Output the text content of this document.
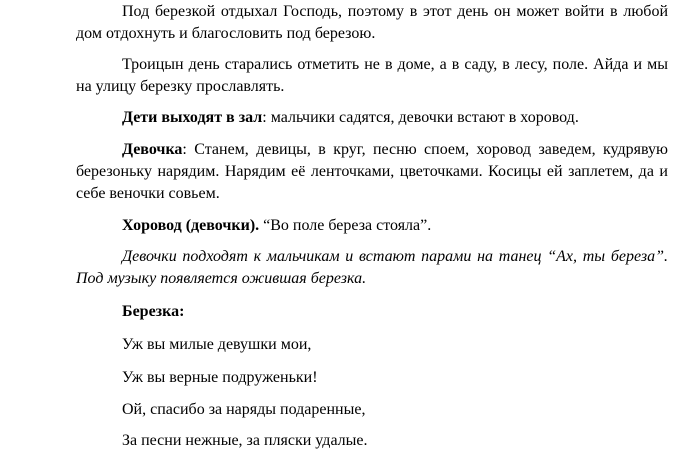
Под березкой отдыхал Господь, поэтому в этот день он может войти в любой дом отдохнуть и благословить под березою.

Троицын день старались отметить не в доме, а в саду, в лесу, поле. Айда и мы на улицу березку прославлять.

Дети выходят в зал: мальчики садятся, девочки встают в хоровод.

Девочка: Станем, девицы, в круг, песню споем, хоровод заведем, кудрявую березоньку нарядим. Нарядим её ленточками, цветочками. Косицы ей заплетем, да и себе веночки совьем.

Хоровод (девочки). “Во поле береза стояла”.

Девочки подходят к мальчикам и встают парами на танец “Ах, ты береза”. Под музыку появляется ожившая березка.

Березка:

Уж вы милые девушки мои,

Уж вы верные подруженьки!

Ой, спасибо за наряды подаренные,

За песни нежные, за пляски удалые.
